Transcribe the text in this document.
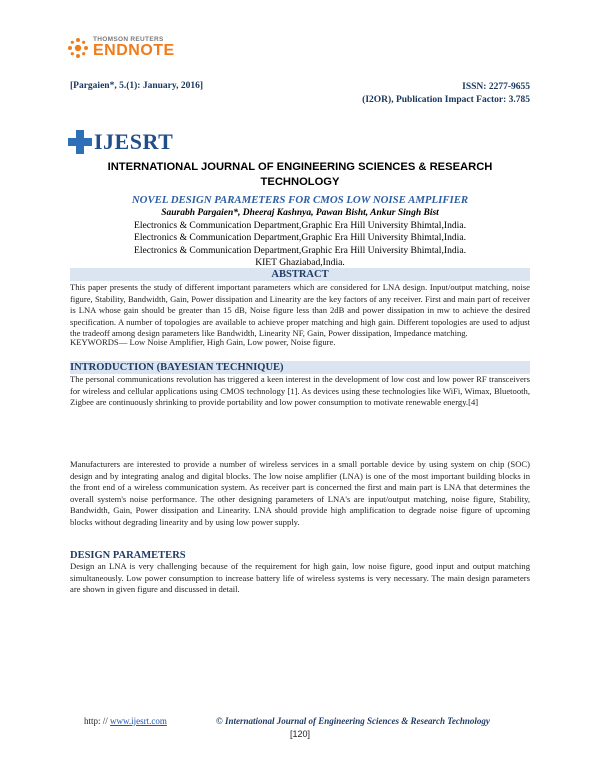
THOMSON REUTERS
ENDNOTE
[Pargaien*, 5.(1): January, 2016]	ISSN: 2277-9655
(I2OR), Publication Impact Factor: 3.785
IJESRT
INTERNATIONAL JOURNAL OF ENGINEERING SCIENCES & RESEARCH
TECHNOLOGY
NOVEL DESIGN PARAMETERS FOR CMOS LOW NOISE AMPLIFIER
Saurabh Pargaien*, Dheeraj Kashnya, Pawan Bisht, Ankur Singh Bist
Electronics & Communication Department,Graphic Era Hill University Bhimtal,India.
Electronics & Communication Department,Graphic Era Hill University Bhimtal,India.
Electronics & Communication Department,Graphic Era Hill University Bhimtal,India.
KIET Ghaziabad,India.
ABSTRACT
This paper presents the study of different important parameters which are considered for LNA design. Input/output matching, noise figure, Stability, Bandwidth, Gain, Power dissipation and Linearity are the key factors of any receiver. First and main part of receiver is LNA whose gain should be greater than 15 dB, Noise figure less than 2dB and power dissipation in mw to achieve the desired specification. A number of topologies are available to achieve proper matching and high gain. Different topologies are used to adjust the tradeoff among design parameters like Bandwidth, Linearity NF, Gain, Power dissipation, Impedance matching.
KEYWORDS— Low Noise Amplifier, High Gain, Low power, Noise figure.
INTRODUCTION (BAYESIAN TECHNIQUE)
The personal communications revolution has triggered a keen interest in the development of low cost and low power RF transceivers for wireless and cellular applications using CMOS technology [1]. As devices using these technologies like WiFi, Wimax, Bluetooth, Zigbee are continuously shrinking to provide portability and low power consumption to motivate renewable energy.[4]
Manufacturers are interested to provide a number of wireless services in a small portable device by using system on chip (SOC) design and by integrating analog and digital blocks. The low noise amplifier (LNA) is one of the most important building blocks in the front end of a wireless communication system. As receiver part is concerned the first and main part is LNA that determines the overall system's noise performance. The other designing parameters of LNA's are input/output matching, noise figure, Stability, Bandwidth, Gain, Power dissipation and Linearity. LNA should provide high amplification to degrade noise figure of upcoming blocks without degrading linearity and by using low power supply.
DESIGN PARAMETERS
Design an LNA is very challenging because of the requirement for high gain, low noise figure, good input and output matching simultaneously. Low power consumption to increase battery life of wireless systems is very necessary. The main design parameters are shown in given figure and discussed in detail.
http: // www.ijesrt.com	© International Journal of Engineering Sciences & Research Technology
[120]
